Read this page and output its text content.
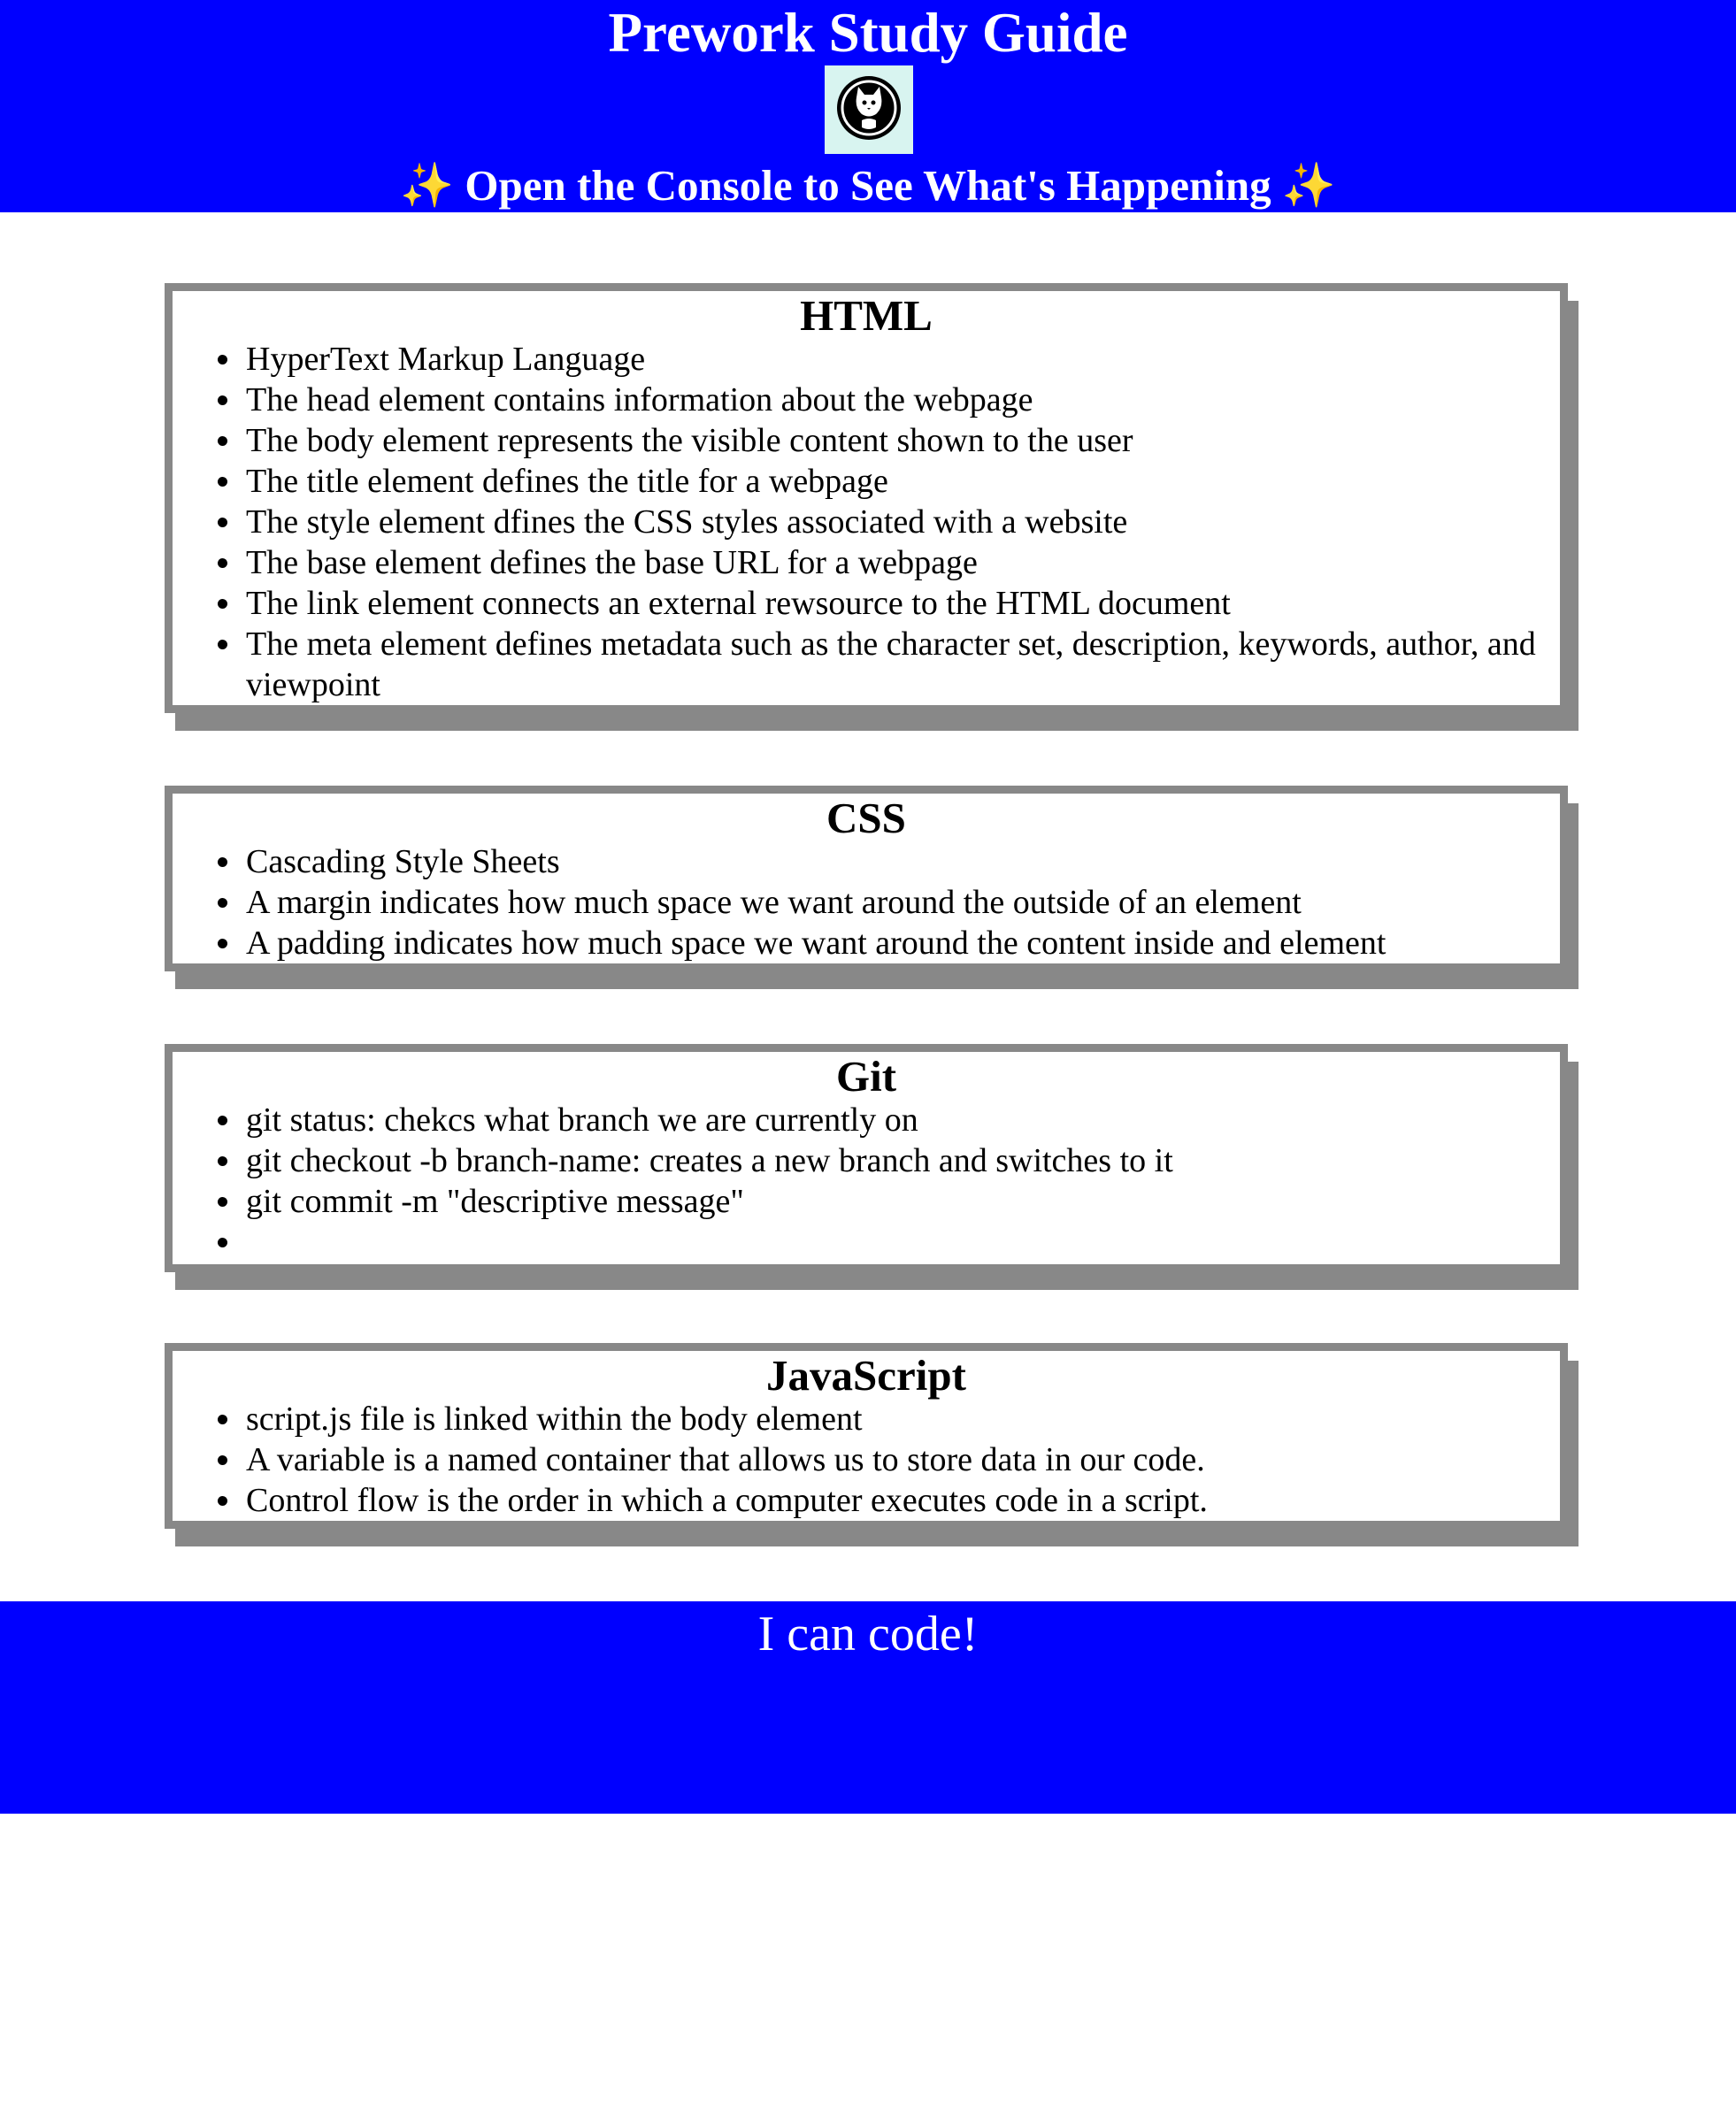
Prework Study Guide
✨ Open the Console to See What's Happening ✨
HTML
• HyperText Markup Language
• The head element contains information about the webpage
• The body element represents the visible content shown to the user
• The title element defines the title for a webpage
• The style element dfines the CSS styles associated with a website
• The base element defines the base URL for a webpage
• The link element connects an external rewsource to the HTML document
• The meta element defines metadata such as the character set, description, keywords, author, and viewpoint
CSS
• Cascading Style Sheets
• A margin indicates how much space we want around the outside of an element
• A padding indicates how much space we want around the content inside and element
Git
• git status: chekcs what branch we are currently on
• git checkout -b branch-name: creates a new branch and switches to it
• git commit -m "descriptive message"
•
JavaScript
• script.js file is linked within the body element
• A variable is a named container that allows us to store data in our code.
• Control flow is the order in which a computer executes code in a script.

I can code!
